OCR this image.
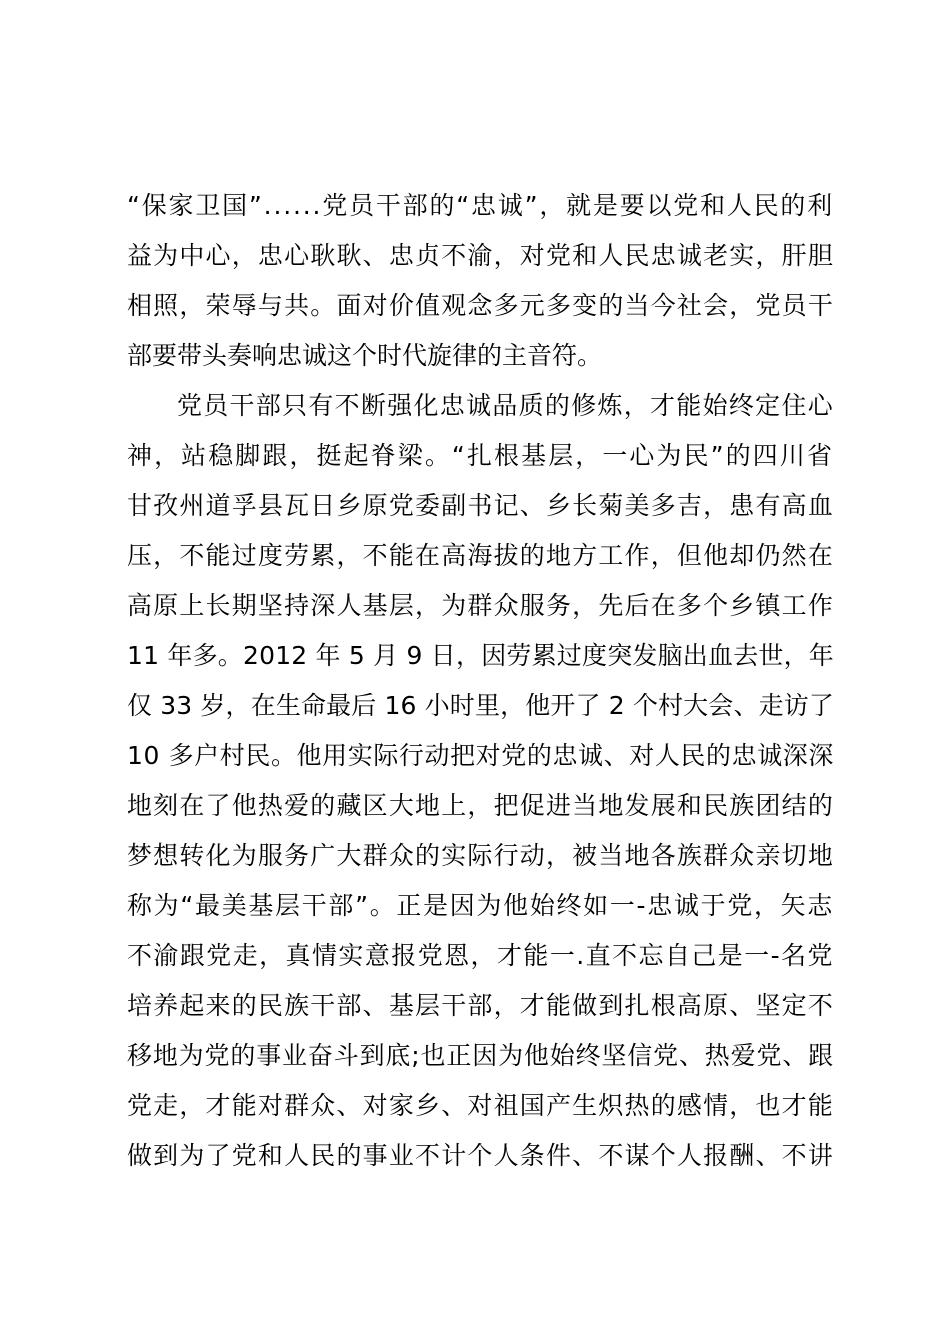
“保家卫国”......党员干部的“忠诚”，就是要以党和人民的利
益为中心，忠心耿耿、忠贞不渝，对党和人民忠诚老实，肝胆
相照，荣辱与共。面对价值观念多元多变的当今社会，党员干
部要带头奏响忠诚这个时代旋律的主音符。
党员干部只有不断强化忠诚品质的修炼，才能始终定住心
神，站稳脚跟，挺起脊梁。“扎根基层，一心为民”的四川省
甘孜州道孚县瓦日乡原党委副书记、乡长菊美多吉，患有高血
压，不能过度劳累，不能在高海拔的地方工作，但他却仍然在
高原上长期坚持深人基层，为群众服务，先后在多个乡镇工作
11 年多。2012 年 5 月 9 日，因劳累过度突发脑出血去世，年
仅 33 岁，在生命最后 16 小时里，他开了 2 个村大会、走访了
10 多户村民。他用实际行动把对党的忠诚、对人民的忠诚深深
地刻在了他热爱的藏区大地上，把促进当地发展和民族团结的
梦想转化为服务广大群众的实际行动，被当地各族群众亲切地
称为“最美基层干部”。正是因为他始终如一-忠诚于党，矢志
不渝跟党走，真情实意报党恩，才能一.直不忘自己是一-名党
培养起来的民族干部、基层干部，才能做到扎根高原、坚定不
移地为党的事业奋斗到底;也正因为他始终坚信党、热爱党、跟
党走，才能对群众、对家乡、对祖国产生炽热的感情，也才能
做到为了党和人民的事业不计个人条件、不谋个人报酬、不讲
